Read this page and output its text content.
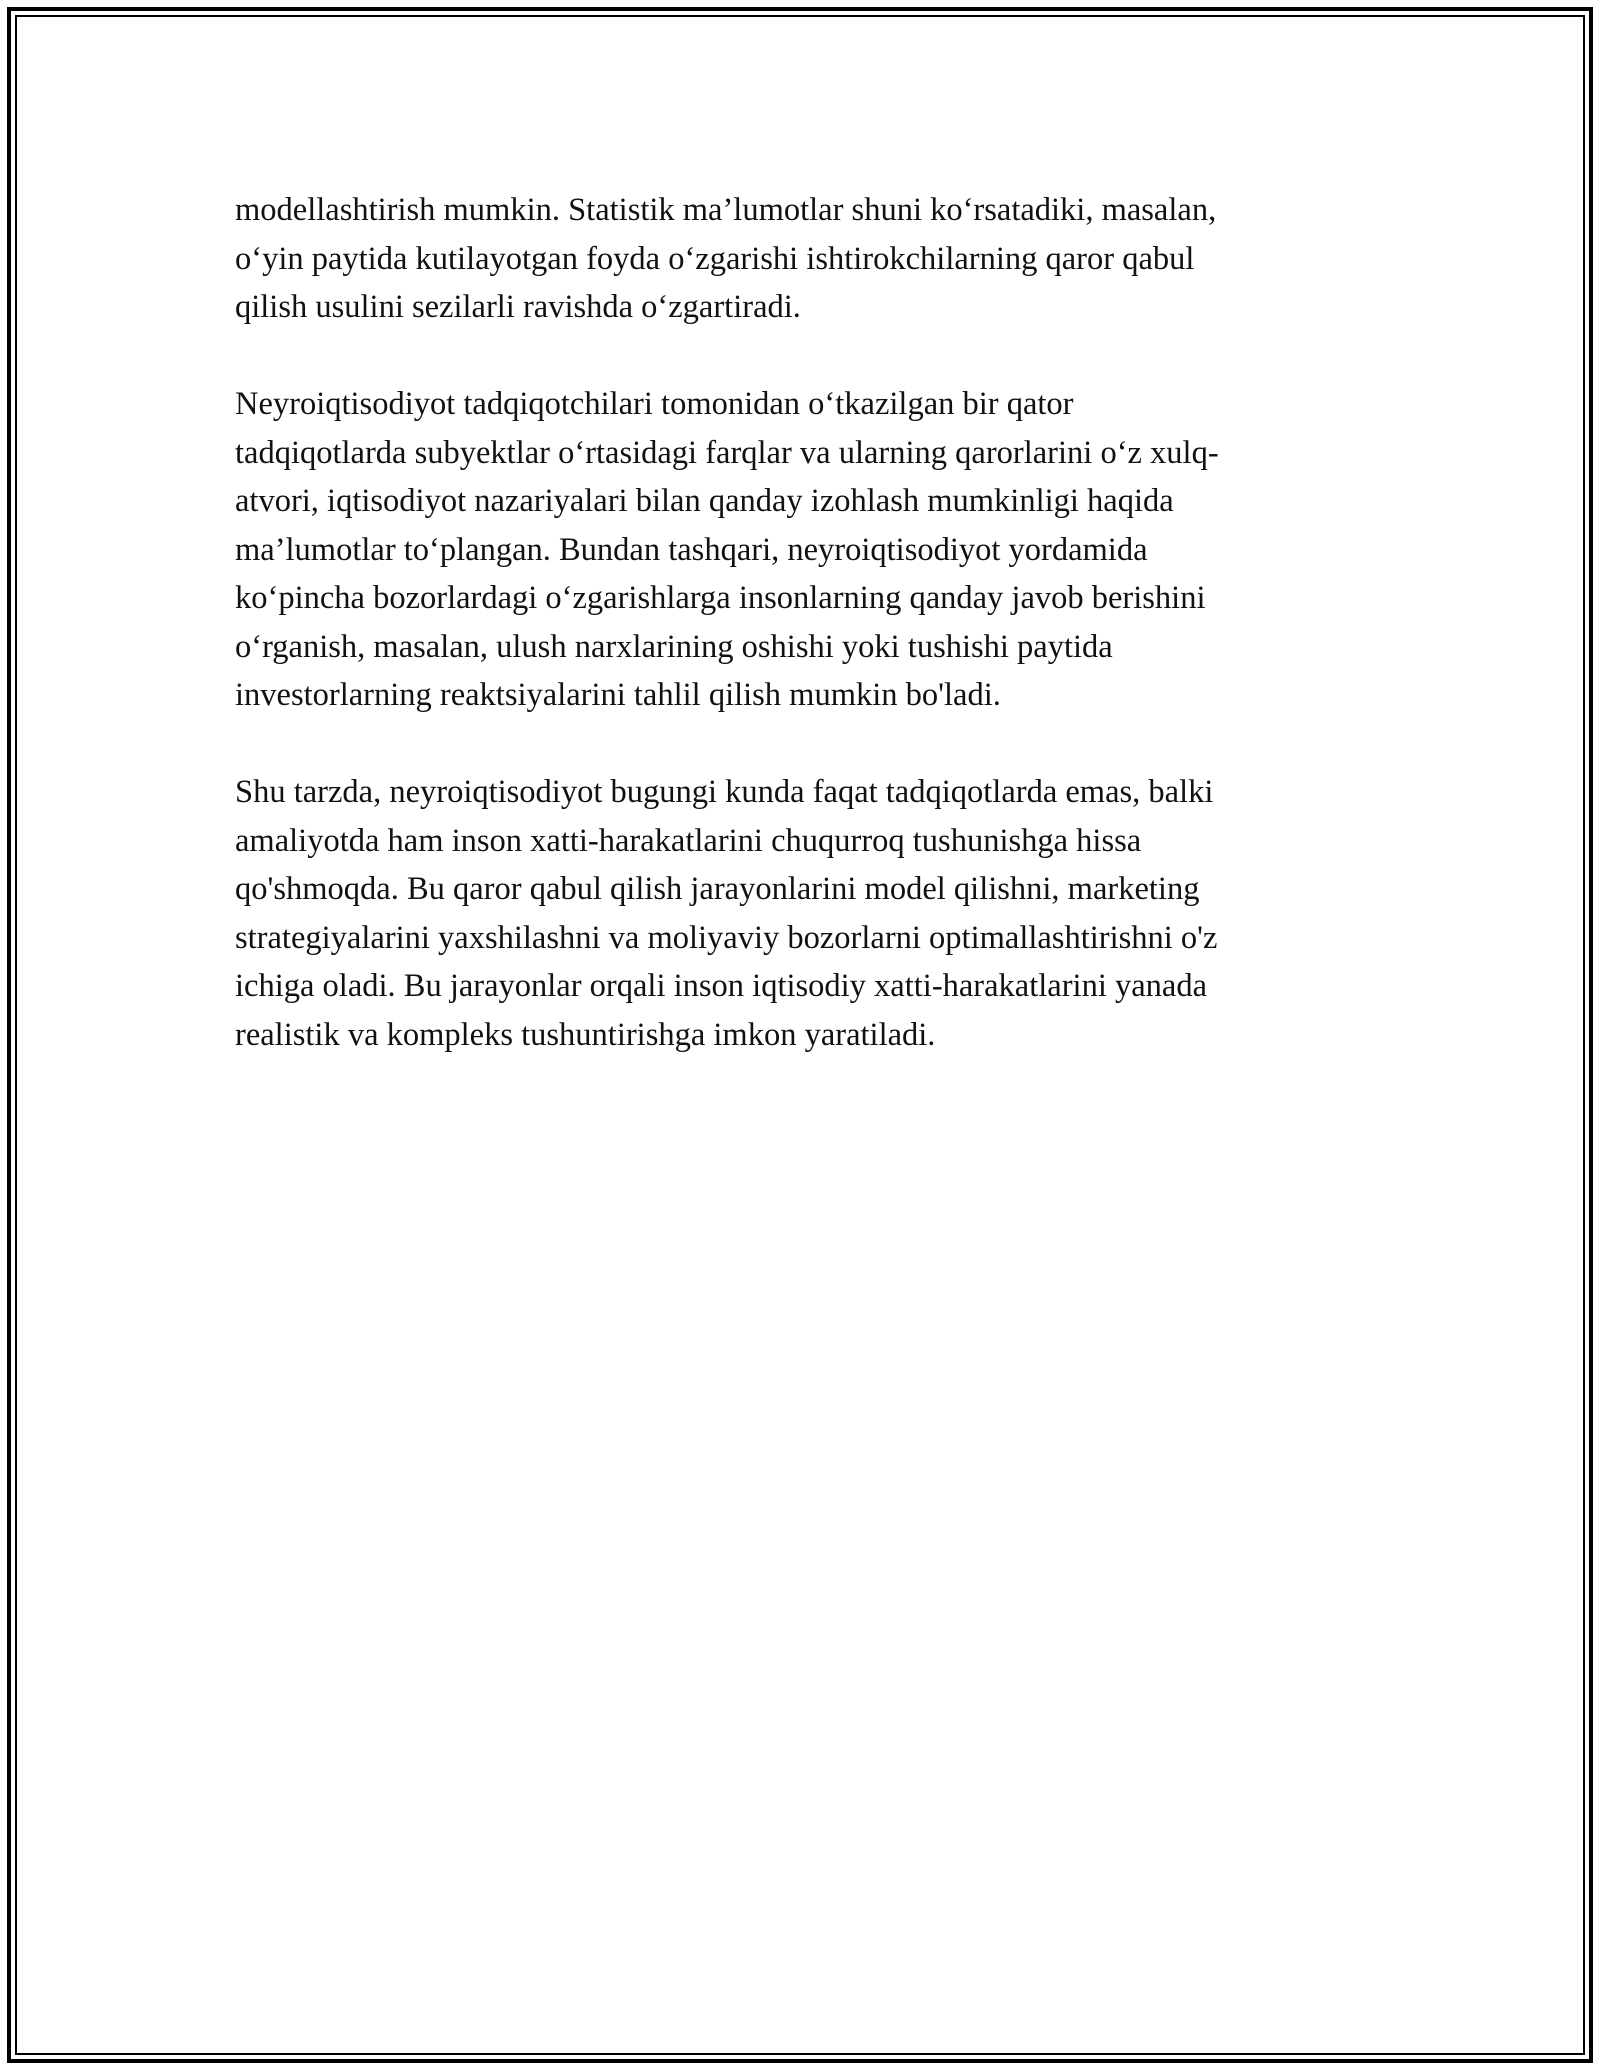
modellashtirish mumkin. Statistik ma’lumotlar shuni koʻrsatadiki, masalan,
oʻyin paytida kutilayotgan foyda oʻzgarishi ishtirokchilarning qaror qabul
qilish usulini sezilarli ravishda oʻzgartiradi.

Neyroiqtisodiyot tadqiqotchilari tomonidan oʻtkazilgan bir qator
tadqiqotlarda subyektlar oʻrtasidagi farqlar va ularning qarorlarini oʻz xulq-
atvori, iqtisodiyot nazariyalari bilan qanday izohlash mumkinligi haqida
ma’lumotlar toʻplangan. Bundan tashqari, neyroiqtisodiyot yordamida
koʻpincha bozorlardagi oʻzgarishlarga insonlarning qanday javob berishini
oʻrganish, masalan, ulush narxlarining oshishi yoki tushishi paytida
investorlarning reaktsiyalarini tahlil qilish mumkin bo'ladi.

Shu tarzda, neyroiqtisodiyot bugungi kunda faqat tadqiqotlarda emas, balki
amaliyotda ham inson xatti-harakatlarini chuqurroq tushunishga hissa
qo'shmoqda. Bu qaror qabul qilish jarayonlarini model qilishni, marketing
strategiyalarini yaxshilashni va moliyaviy bozorlarni optimallashtirishni o'z
ichiga oladi. Bu jarayonlar orqali inson iqtisodiy xatti-harakatlarini yanada
realistik va kompleks tushuntirishga imkon yaratiladi.
